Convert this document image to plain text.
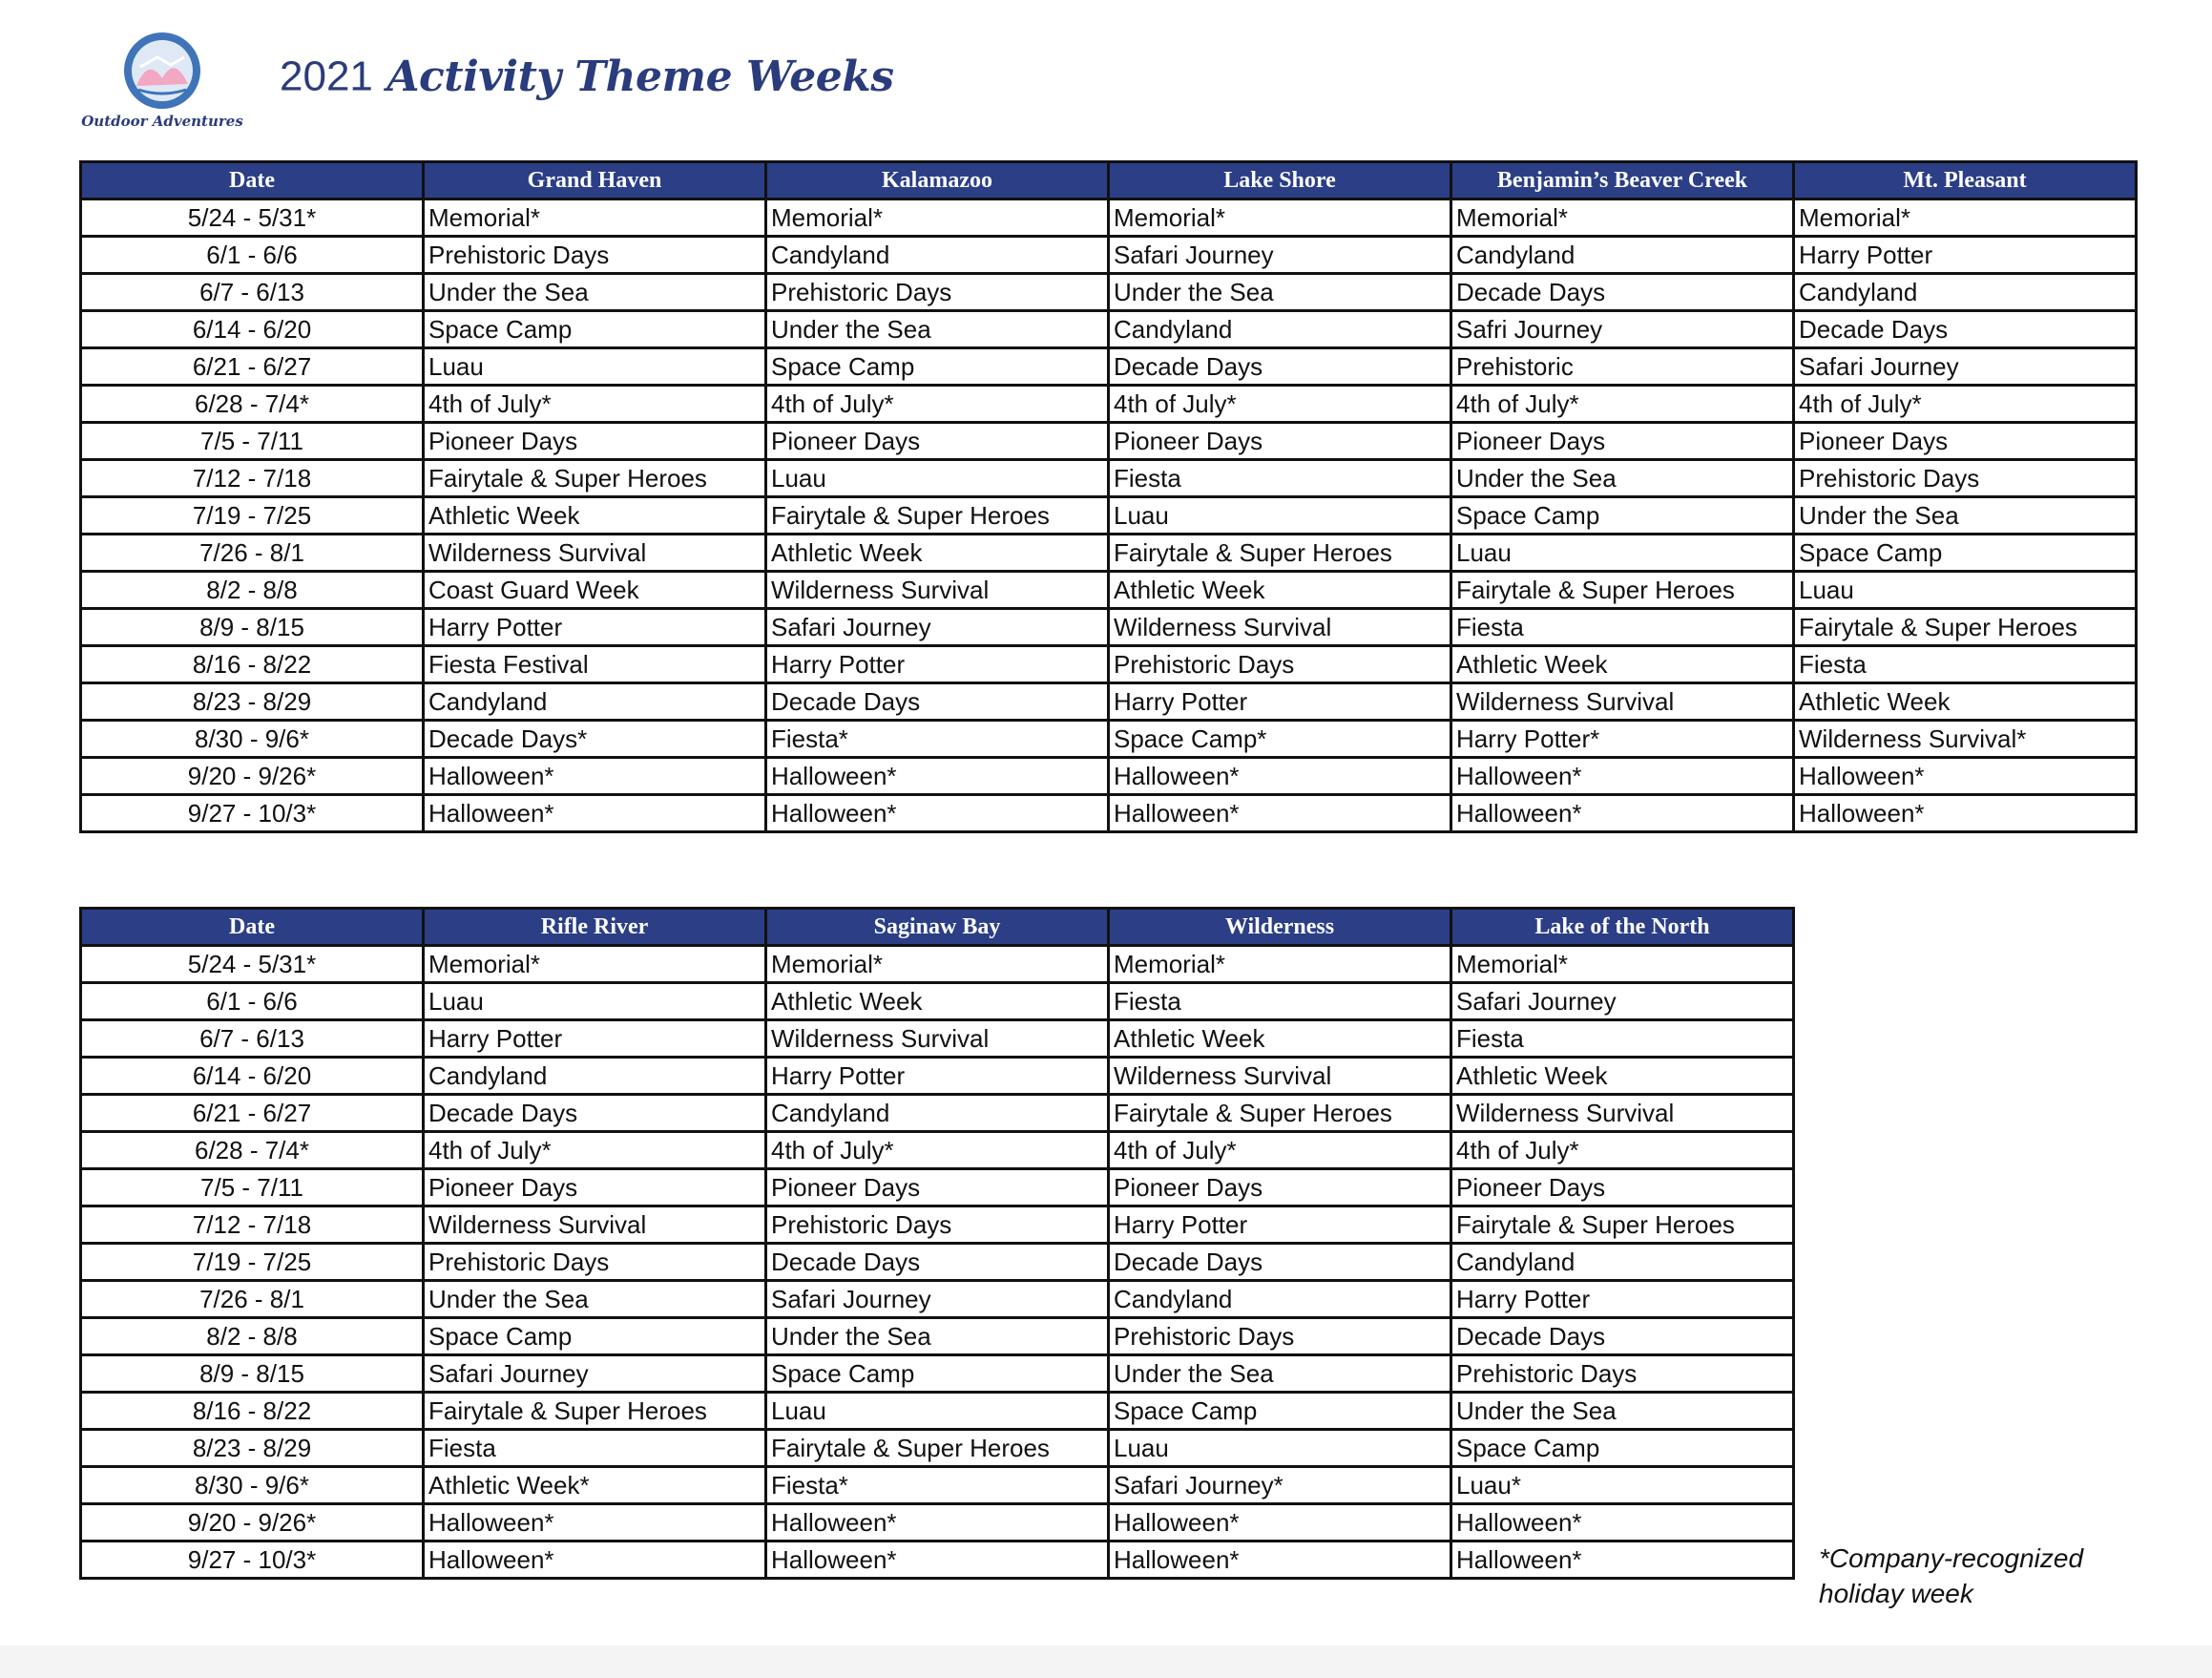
Outdoor Adventures
2021 Activity Theme Weeks
Date	Grand Haven	Kalamazoo	Lake Shore	Benjamin’s Beaver Creek	Mt. Pleasant
5/24 - 5/31*	Memorial*	Memorial*	Memorial*	Memorial*	Memorial*
6/1 - 6/6	Prehistoric Days	Candyland	Safari Journey	Candyland	Harry Potter
6/7 - 6/13	Under the Sea	Prehistoric Days	Under the Sea	Decade Days	Candyland
6/14 - 6/20	Space Camp	Under the Sea	Candyland	Safri Journey	Decade Days
6/21 - 6/27	Luau	Space Camp	Decade Days	Prehistoric	Safari Journey
6/28 - 7/4*	4th of July*	4th of July*	4th of July*	4th of July*	4th of July*
7/5 - 7/11	Pioneer Days	Pioneer Days	Pioneer Days	Pioneer Days	Pioneer Days
7/12 - 7/18	Fairytale & Super Heroes	Luau	Fiesta	Under the Sea	Prehistoric Days
7/19 - 7/25	Athletic Week	Fairytale & Super Heroes	Luau	Space Camp	Under the Sea
7/26 - 8/1	Wilderness Survival	Athletic Week	Fairytale & Super Heroes	Luau	Space Camp
8/2 - 8/8	Coast Guard Week	Wilderness Survival	Athletic Week	Fairytale & Super Heroes	Luau
8/9 - 8/15	Harry Potter	Safari Journey	Wilderness Survival	Fiesta	Fairytale & Super Heroes
8/16 - 8/22	Fiesta Festival	Harry Potter	Prehistoric Days	Athletic Week	Fiesta
8/23 - 8/29	Candyland	Decade Days	Harry Potter	Wilderness Survival	Athletic Week
8/30 - 9/6*	Decade Days*	Fiesta*	Space Camp*	Harry Potter*	Wilderness Survival*
9/20 - 9/26*	Halloween*	Halloween*	Halloween*	Halloween*	Halloween*
9/27 - 10/3*	Halloween*	Halloween*	Halloween*	Halloween*	Halloween*
Date	Rifle River	Saginaw Bay	Wilderness	Lake of the North
5/24 - 5/31*	Memorial*	Memorial*	Memorial*	Memorial*
6/1 - 6/6	Luau	Athletic Week	Fiesta	Safari Journey
6/7 - 6/13	Harry Potter	Wilderness Survival	Athletic Week	Fiesta
6/14 - 6/20	Candyland	Harry Potter	Wilderness Survival	Athletic Week
6/21 - 6/27	Decade Days	Candyland	Fairytale & Super Heroes	Wilderness Survival
6/28 - 7/4*	4th of July*	4th of July*	4th of July*	4th of July*
7/5 - 7/11	Pioneer Days	Pioneer Days	Pioneer Days	Pioneer Days
7/12 - 7/18	Wilderness Survival	Prehistoric Days	Harry Potter	Fairytale & Super Heroes
7/19 - 7/25	Prehistoric Days	Decade Days	Decade Days	Candyland
7/26 - 8/1	Under the Sea	Safari Journey	Candyland	Harry Potter
8/2 - 8/8	Space Camp	Under the Sea	Prehistoric Days	Decade Days
8/9 - 8/15	Safari Journey	Space Camp	Under the Sea	Prehistoric Days
8/16 - 8/22	Fairytale & Super Heroes	Luau	Space Camp	Under the Sea
8/23 - 8/29	Fiesta	Fairytale & Super Heroes	Luau	Space Camp
8/30 - 9/6*	Athletic Week*	Fiesta*	Safari Journey*	Luau*
9/20 - 9/26*	Halloween*	Halloween*	Halloween*	Halloween*
9/27 - 10/3*	Halloween*	Halloween*	Halloween*	Halloween*	*Company-recognized holiday week
